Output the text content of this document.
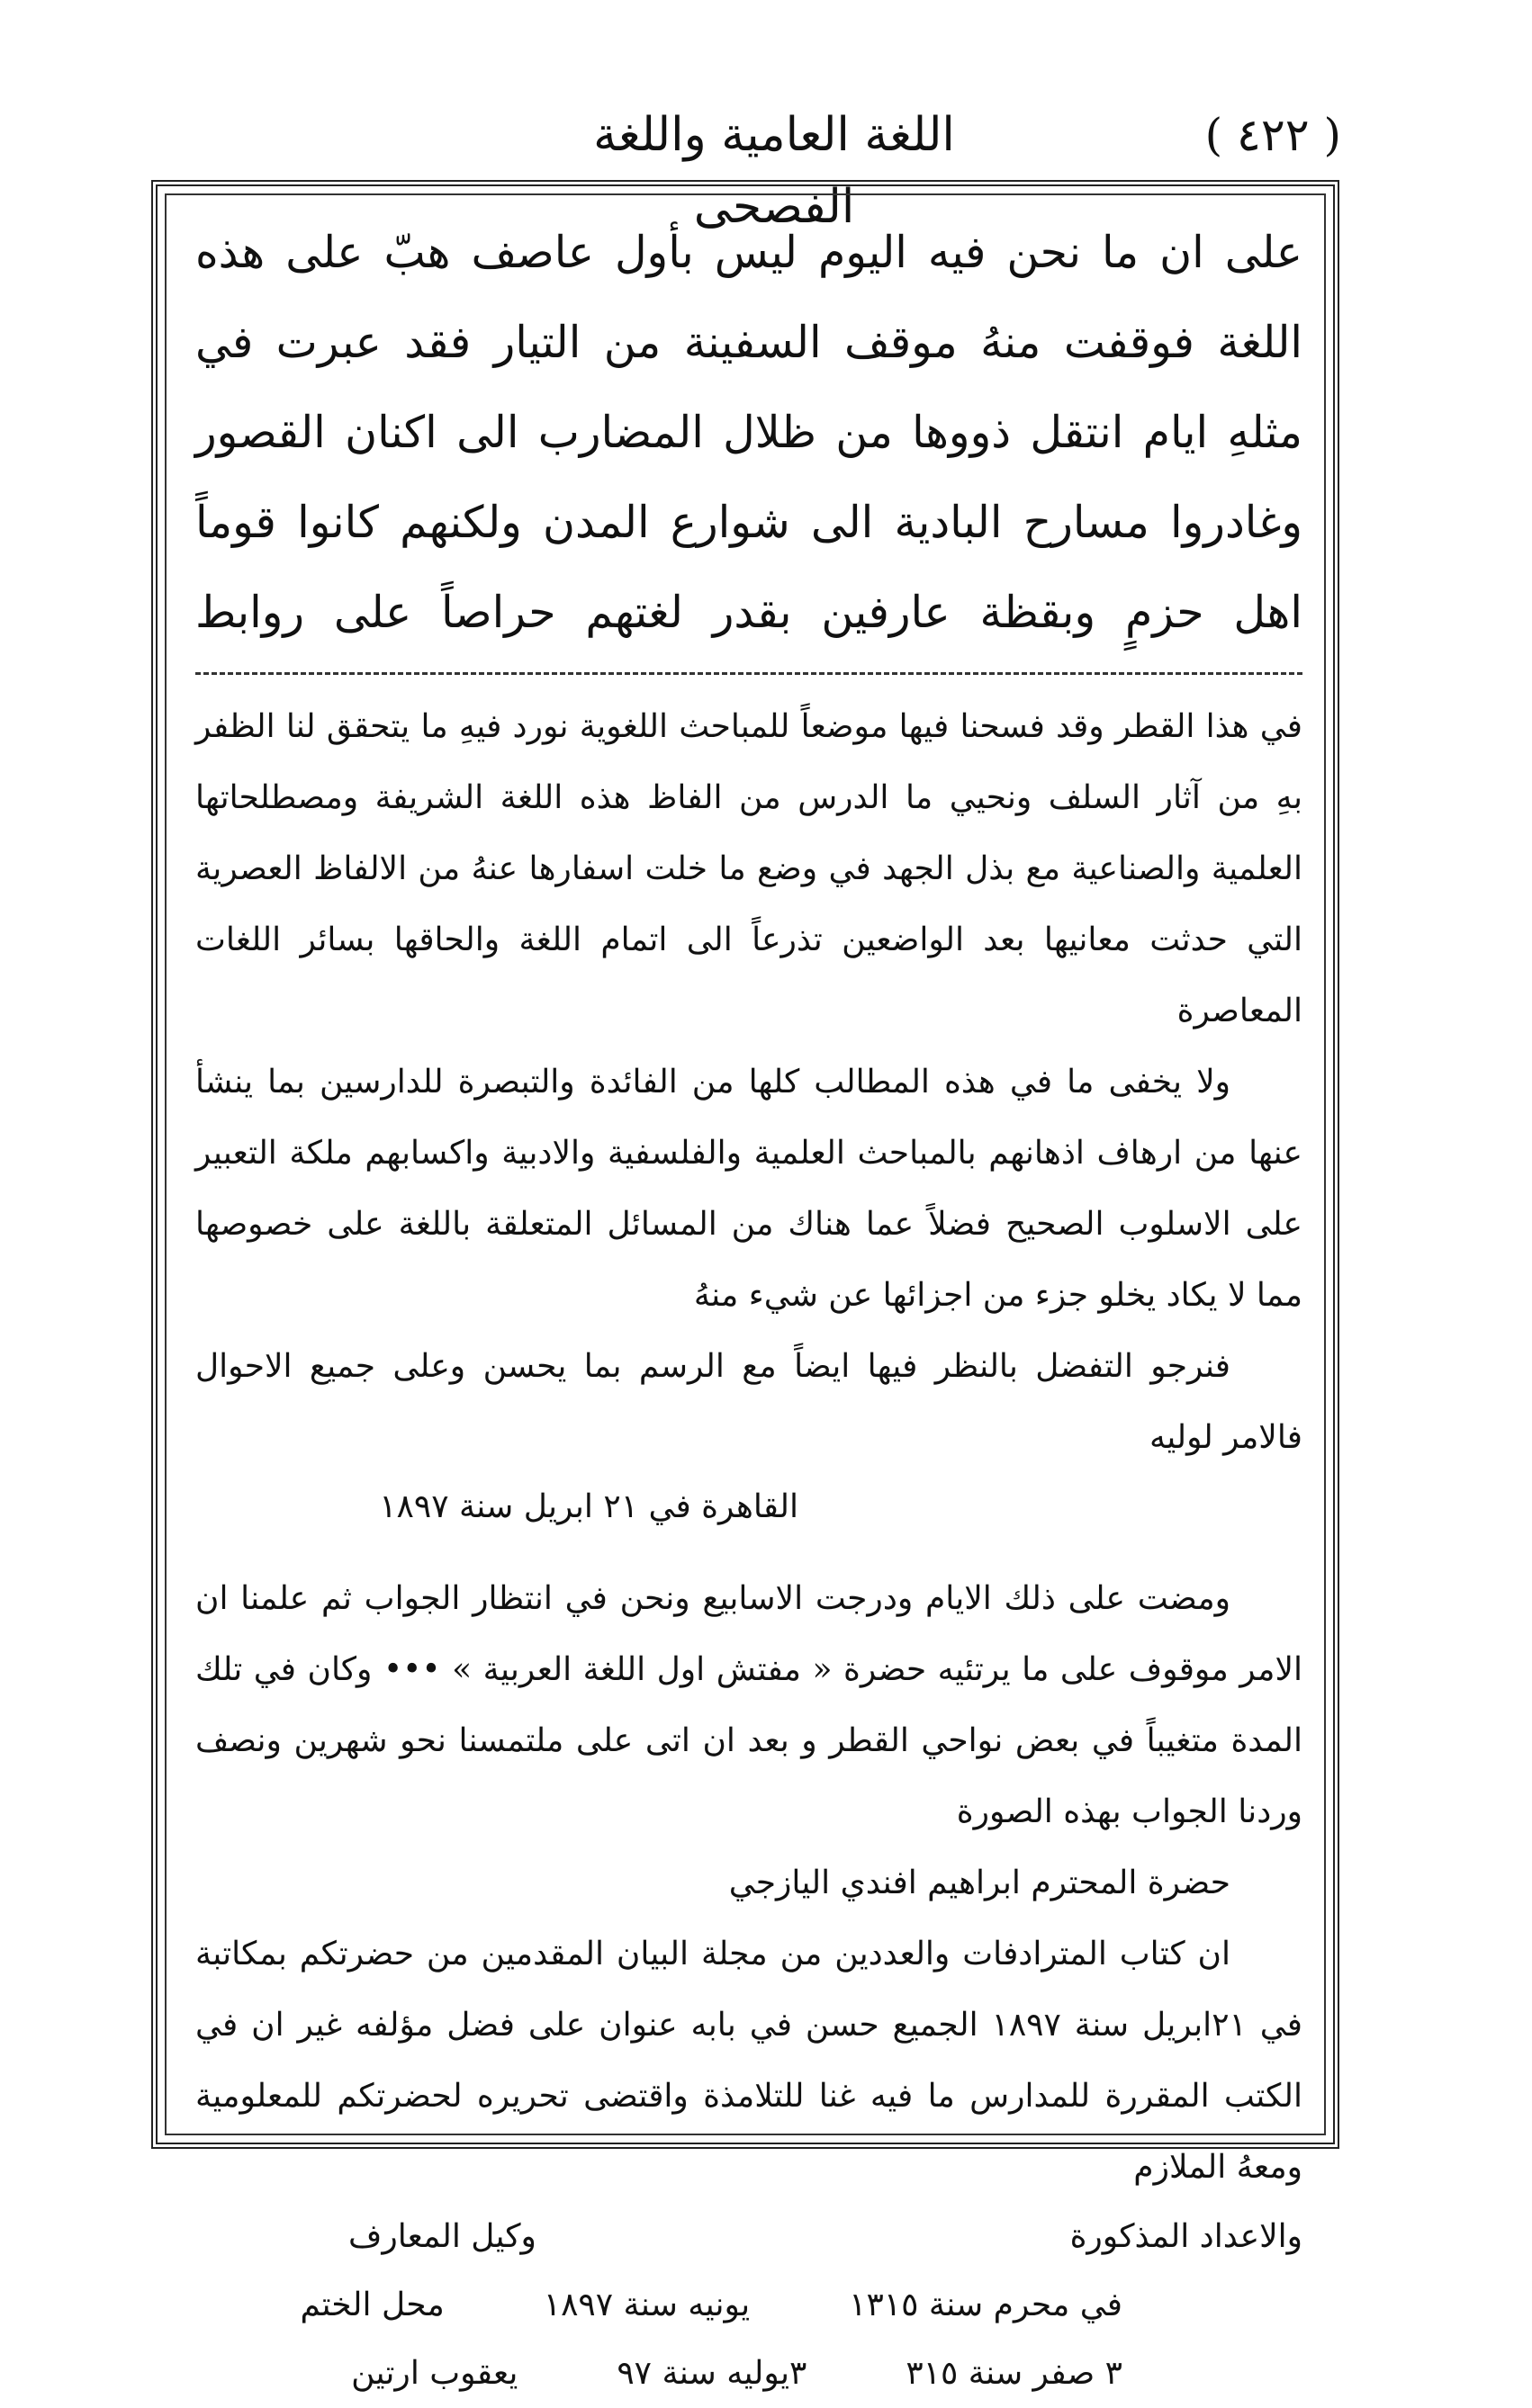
( ٤٢٢ )
اللغة العامية واللغة الفصحى

على ان ما نحن فيه اليوم ليس بأول عاصف هبّ على هذه اللغة فوقفت منهُ موقف السفينة من التيار فقد عبرت في مثلهِ ايام انتقل ذووها من ظلال المضارب الى اكنان القصور وغادروا مسارح البادية الى شوارع المدن ولكنهم كانوا قوماً اهل حزمٍ وبقظة عارفين بقدر لغتهم حراصاً على روابط

في هذا القطر وقد فسحنا فيها موضعاً للمباحث اللغوية نورد فيهِ ما يتحقق لنا الظفر بهِ من آثار السلف ونحيي ما الدرس من الفاظ هذه اللغة الشريفة ومصطلحاتها العلمية والصناعية مع بذل الجهد في وضع ما خلت اسفارها عنهُ من الالفاظ العصرية التي حدثت معانيها بعد الواضعين تذرعاً الى اتمام اللغة والحاقها بسائر اللغات المعاصرة

ولا يخفى ما في هذه المطالب كلها من الفائدة والتبصرة للدارسين بما ينشأ عنها من ارهاف اذهانهم بالمباحث العلمية والفلسفية والادبية واكسابهم ملكة التعبير على الاسلوب الصحيح فضلاً عما هناك من المسائل المتعلقة باللغة على خصوصها مما لا يكاد يخلو جزء من اجزائها عن شيء منهُ

فنرجو التفضل بالنظر فيها ايضاً مع الرسم بما يحسن وعلى جميع الاحوال فالامر لوليه

القاهرة في ٢١ ابريل سنة ١٨٩٧

ومضت على ذلك الايام ودرجت الاسابيع ونحن في انتظار الجواب ثم علمنا ان الامر موقوف على ما يرتئيه حضرة « مفتش اول اللغة العربية » ••• وكان في تلك المدة متغيباً في بعض نواحي القطر و بعد ان اتى على ملتمسنا نحو شهرين ونصف وردنا الجواب بهذه الصورة

حضرة المحترم ابراهيم افندي اليازجي

ان كتاب المترادفات والعددين من مجلة البيان المقدمين من حضرتكم بمكاتبة في ٢١ابريل سنة ١٨٩٧ الجميع حسن في بابه عنوان على فضل مؤلفه غير ان في الكتب المقررة للمدارس ما فيه غنا للتلامذة واقتضى تحريره لحضرتكم للمعلومية ومعهُ الملازم

والاعداد المذكورة
وكيل المعارف
في محرم سنة ١٣١٥
يونيه سنة ١٨٩٧
محل الختم
٣ صفر سنة ٣١٥
٣يوليه سنة ٩٧
يعقوب ارتين
